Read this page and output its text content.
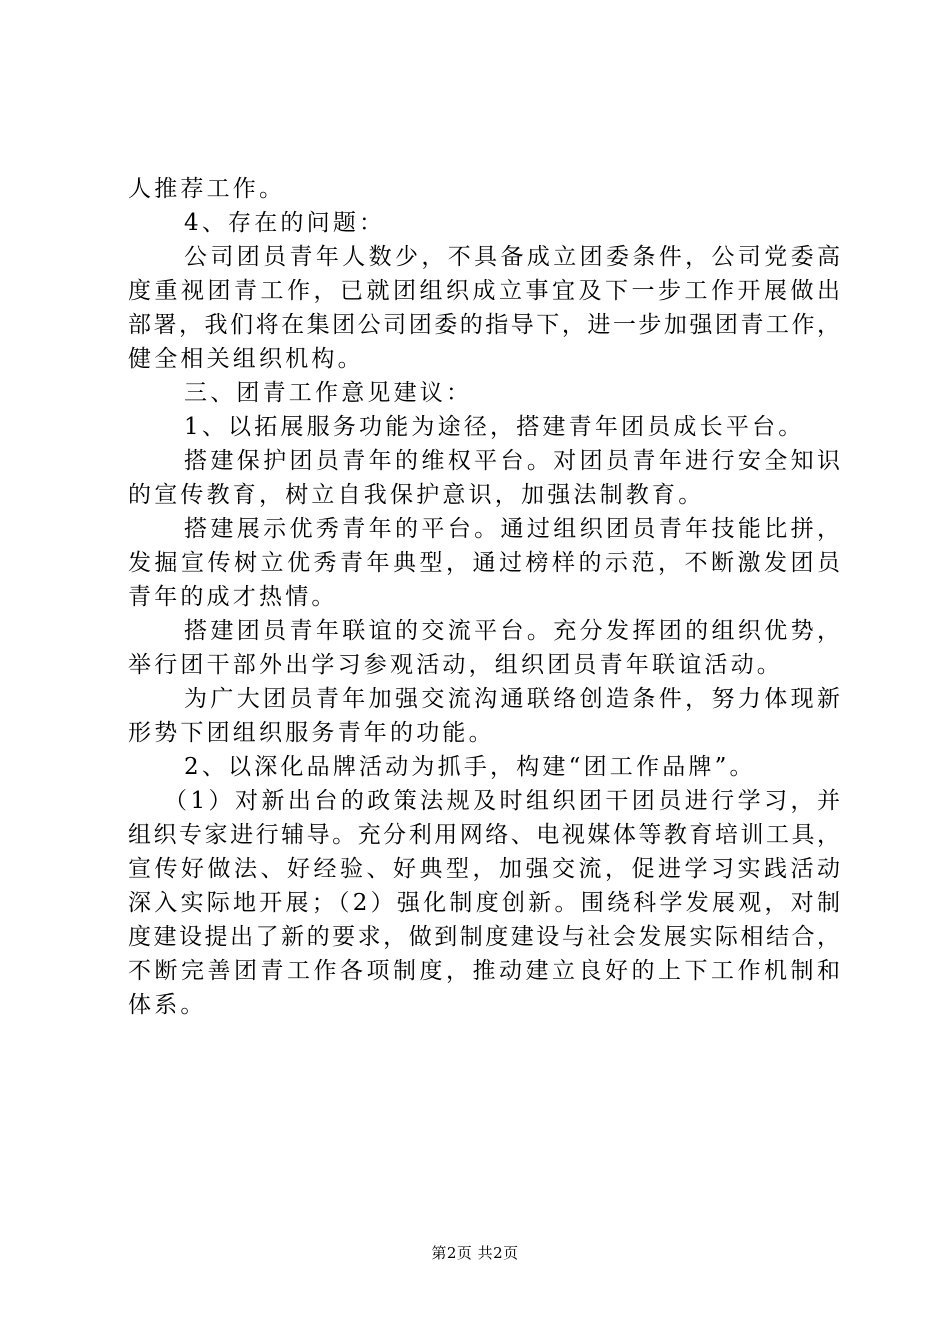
人推荐工作。
4、存在的问题：
公司团员青年人数少，不具备成立团委条件，公司党委高
度重视团青工作，已就团组织成立事宜及下一步工作开展做出
部署，我们将在集团公司团委的指导下，进一步加强团青工作，
健全相关组织机构。
三、团青工作意见建议：
1、以拓展服务功能为途径，搭建青年团员成长平台。
搭建保护团员青年的维权平台。对团员青年进行安全知识
的宣传教育，树立自我保护意识，加强法制教育。
搭建展示优秀青年的平台。通过组织团员青年技能比拼，
发掘宣传树立优秀青年典型，通过榜样的示范，不断激发团员
青年的成才热情。
搭建团员青年联谊的交流平台。充分发挥团的组织优势，
举行团干部外出学习参观活动，组织团员青年联谊活动。
为广大团员青年加强交流沟通联络创造条件，努力体现新
形势下团组织服务青年的功能。
2、以深化品牌活动为抓手，构建“团工作品牌”。
（1）对新出台的政策法规及时组织团干团员进行学习，并
组织专家进行辅导。充分利用网络、电视媒体等教育培训工具，
宣传好做法、好经验、好典型，加强交流，促进学习实践活动
深入实际地开展；（2）强化制度创新。围绕科学发展观，对制
度建设提出了新的要求，做到制度建设与社会发展实际相结合，
不断完善团青工作各项制度，推动建立良好的上下工作机制和
体系。
第2页 共2页
